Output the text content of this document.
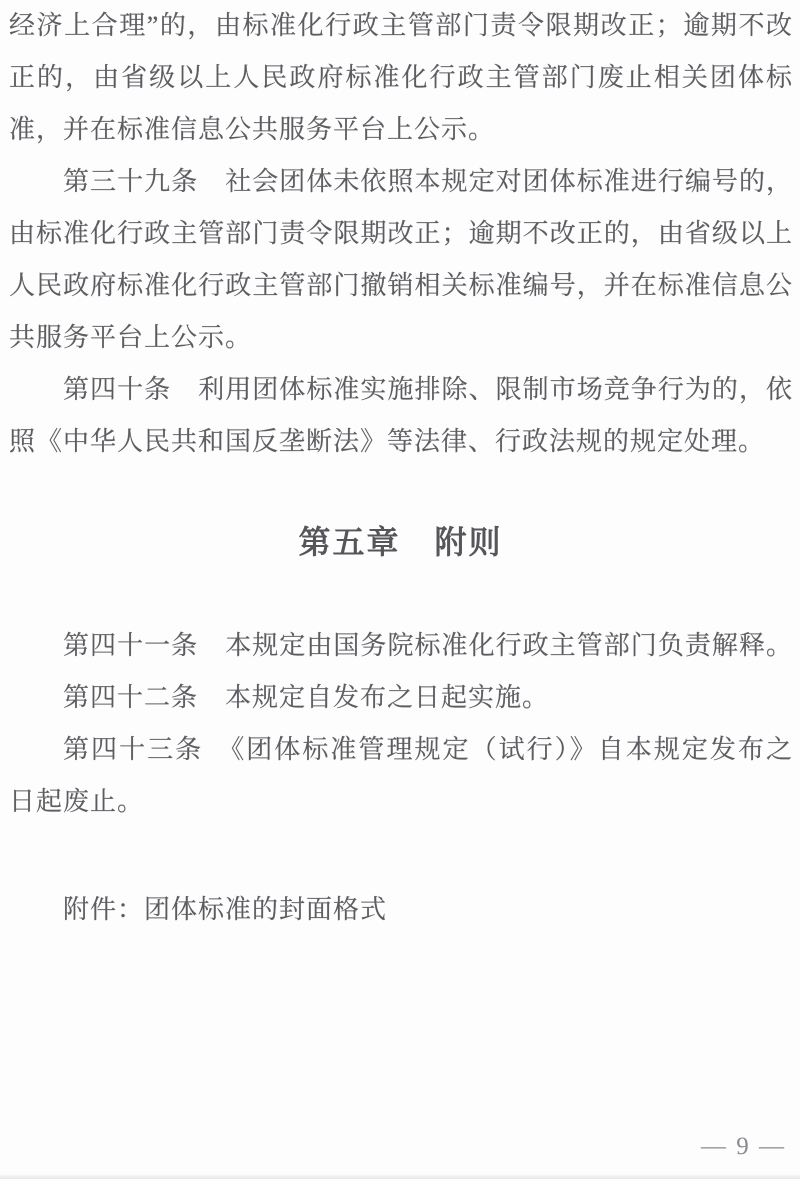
经济上合理”的，由标准化行政主管部门责令限期改正；逾期不改
正的，由省级以上人民政府标准化行政主管部门废止相关团体标
准，并在标准信息公共服务平台上公示。
第三十九条　社会团体未依照本规定对团体标准进行编号的，
由标准化行政主管部门责令限期改正；逾期不改正的，由省级以上
人民政府标准化行政主管部门撤销相关标准编号，并在标准信息公
共服务平台上公示。
第四十条　利用团体标准实施排除、限制市场竞争行为的，依
照《中华人民共和国反垄断法》等法律、行政法规的规定处理。
第五章　附则
第四十一条　本规定由国务院标准化行政主管部门负责解释。
第四十二条　本规定自发布之日起实施。
第四十三条　《团体标准管理规定（试行）》自本规定发布之
日起废止。
附件：团体标准的封面格式
— 9 —
